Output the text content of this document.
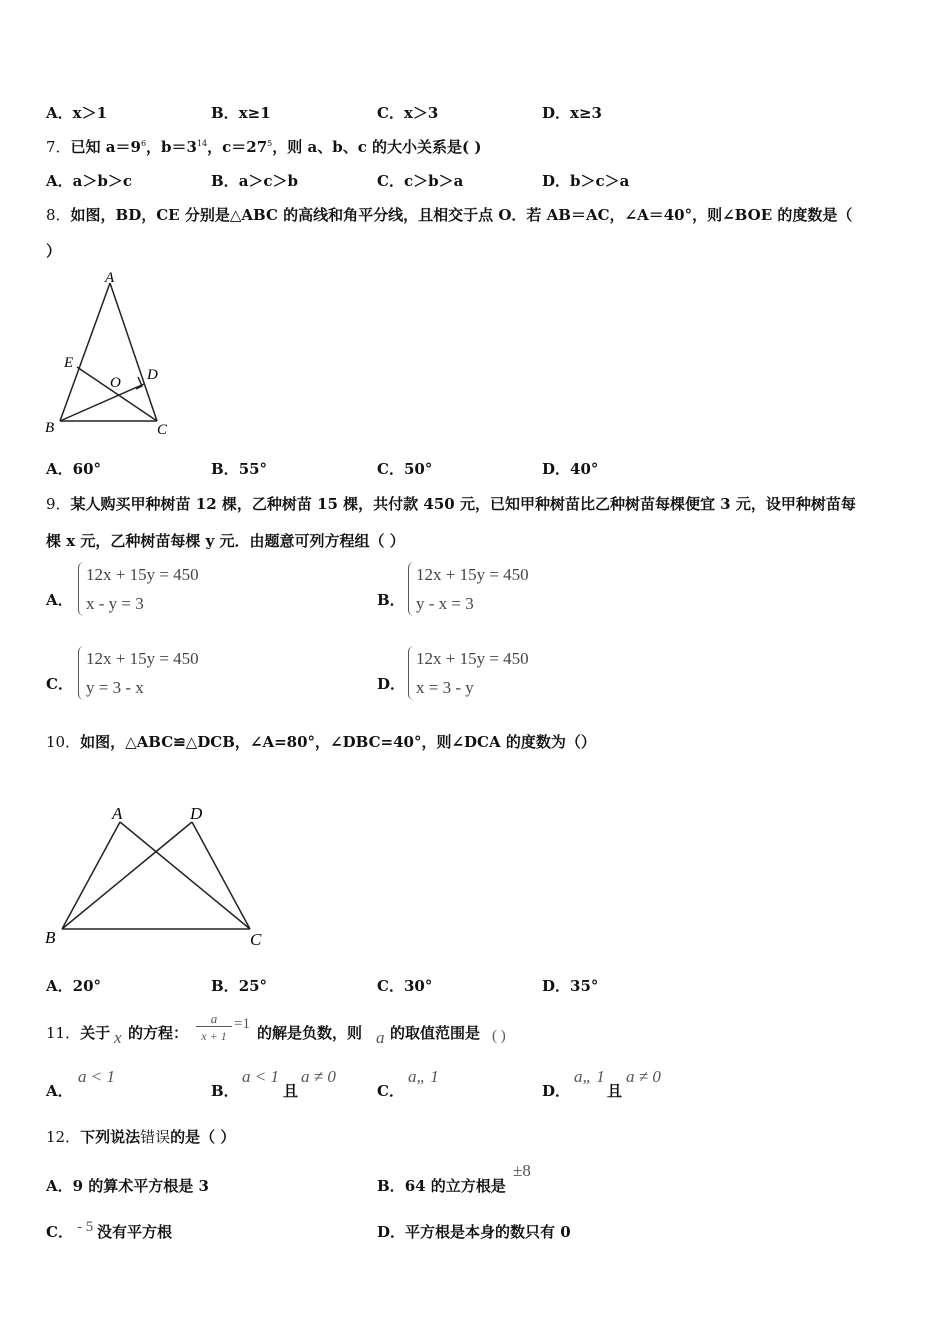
A．x＞1	B．x≥1	C．x＞3	D．x≥3
7．已知 $a=9^6$，$b=3^{14}$，$c=27^5$，则 a、b、c 的大小关系是( )
A．a＞b＞c	B．a＞c＞b	C．c＞b＞a	D．b＞c＞a
8．如图，BD，CE 分别是△ABC 的高线和角平分线，且相交于点 O．若 AB＝AC，∠A＝40°，则∠BOE 的度数是（
）
A
B	C
D
E
O
A．60°	B．55°	C．50°	D．40°
9．某人购买甲种树苗 12 棵，乙种树苗 15 棵，共付款 450 元，已知甲种树苗比乙种树苗每棵便宜 3 元，设甲种树苗每
棵 x 元，乙种树苗每棵 y 元．由题意可列方程组（ ）
A．
12x + 15y = 450
x - y = 3	B．
12x + 15y = 450
y - x = 3
C．
12x + 15y = 450
y = 3 - x	D．
12x + 15y = 450
x = 3 - y
10．如图，△ABC≌△DCB，∠A=80°，∠DBC=40°，则∠DCA 的度数为（）
A	D
B	C
A．20°	B．25°	C．30°	D．35°
11．关于 x 的方程： $\frac{a}{x + 1} =1$ 的解是负数，则 a 的取值范围是 ( )
A．
a < 1
B．
a < 1
且
a ≠ 0
C．
a„ 1
D．
a„ 1
且
a ≠ 0
12．下列说法错误的是（ ）
A．9 的算术平方根是 3	B．64 的立方根是
±8
C． - 5 没有平方根	D．平方根是本身的数只有 0
